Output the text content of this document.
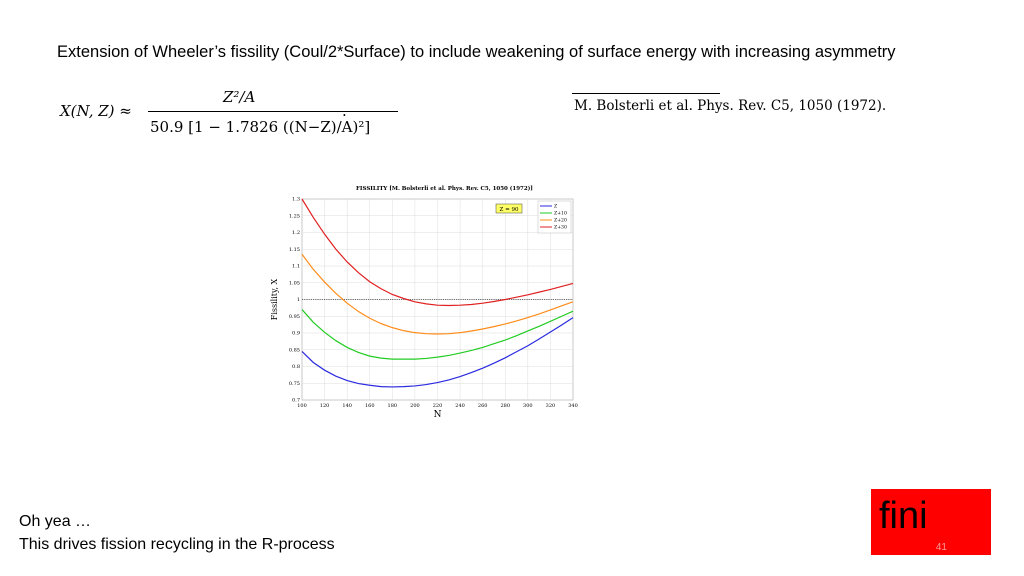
Extension of Wheeler’s fissility (Coul/2*Surface) to include weakening of surface energy with increasing asymmetry
X(N, Z) ≈
Z²/A
50.9 [1 − 1.7826 ((N−Z)/A)²]
.	M. Bolsterli et al. Phys. Rev. C5, 1050 (1972).
FISSILITY [M. Bolsterli et al. Phys. Rev. C5, 1050 (1972)]
100	120	140	160	180	200	220	240	260	280	300	320	340
0.7
0.75
0.8
0.85
0.9
0.95
1
1.05
1.1
1.15
1.2
1.25
1.3
N
Fissility, X
Z = 90	Z
Z+10
Z+20
Z+30
Oh yea …
This drives fission recycling in the R-process
fini
41
